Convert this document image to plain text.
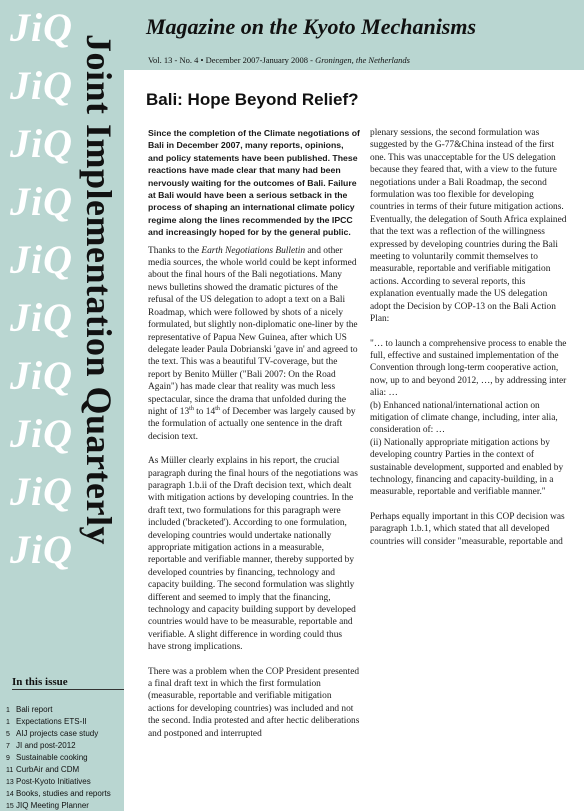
JiQ
JiQ
JiQ
JiQ
JiQ
JiQ
JiQ
JiQ
JiQ
JiQ
Joint Implementation Quarterly
In this issue
1 Bali report
1 Expectations ETS-II
5 AIJ projects case study
7 JI and post-2012
9 Sustainable cooking
11 CurbAir and CDM
13 Post-Kyoto Initiatives
14 Books, studies and reports
15 JIQ Meeting Planner
Magazine on the Kyoto Mechanisms
Vol. 13 - No. 4 • December 2007-January 2008 - Groningen, the Netherlands
Bali: Hope Beyond Relief?

Since the completion of the Climate negotiations of Bali in December 2007, many reports, opinions, and policy statements have been published. These reactions have made clear that many had been nervously waiting for the outcomes of Bali. Failure at Bali would have been a serious setback in the process of shaping an international climate policy regime along the lines recommended by the IPCC and increasingly hoped for by the general public.

Thanks to the Earth Negotiations Bulletin and other media sources, the whole world could be kept informed about the final hours of the Bali negotiations. Many news bulletins showed the dramatic pictures of the refusal of the US delegation to adopt a text on a Bali Roadmap, which were followed by shots of a nicely formulated, but slightly non-diplomatic one-liner by the representative of Papua New Guinea, after which US delegate leader Paula Dobrianski 'gave in' and agreed to the text. This was a beautiful TV-coverage, but the report by Benito Müller ("Bali 2007: On the Road Again") has made clear that reality was much less spectacular, since the drama that unfolded during the night of 13th to 14th of December was largely caused by the formulation of actually one sentence in the draft decision text.

As Müller clearly explains in his report, the crucial paragraph during the final hours of the negotiations was paragraph 1.b.ii of the Draft decision text, which dealt with mitigation actions by developing countries. In the draft text, two formulations for this paragraph were included ('bracketed'). According to one formulation, developing countries would undertake nationally appropriate mitigation actions in a measurable, reportable and verifiable manner, thereby supported by developed countries by financing, technology and capacity building. The second formulation was slightly different and seemed to imply that the financing, technology and capacity building support by developed countries would have to be measurable, reportable and verifiable. A slight difference in wording could thus have strong implications.

There was a problem when the COP President presented a final draft text in which the first formulation (measurable, reportable and verifiable mitigation actions for developing countries) was included and not the second. India protested and after hectic deliberations and postponed and interrupted

plenary sessions, the second formulation was suggested by the G-77&China instead of the first one. This was unacceptable for the US delegation because they feared that, with a view to the future negotiations under a Bali Roadmap, the second formulation was too flexible for developing countries in terms of their future mitigation actions. Eventually, the delegation of South Africa explained that the text was a reflection of the willingness expressed by developing countries during the Bali meeting to voluntarily commit themselves to measurable, reportable and verifiable mitigation actions. According to several reports, this explanation eventually made the US delegation adopt the Decision by COP-13 on the Bali Action Plan:

"… to launch a comprehensive process to enable the full, effective and sustained implementation of the Convention through long-term cooperative action, now, up to and beyond 2012, …, by addressing inter alia: …
(b) Enhanced national/international action on mitigation of climate change, including, inter alia, consideration of: …
(ii) Nationally appropriate mitigation actions by developing country Parties in the context of sustainable development, supported and enabled by technology, financing and capacity-building, in a measurable, reportable and verifiable manner."

Perhaps equally important in this COP decision was paragraph 1.b.1, which stated that all developed countries will consider "measurable, reportable and
